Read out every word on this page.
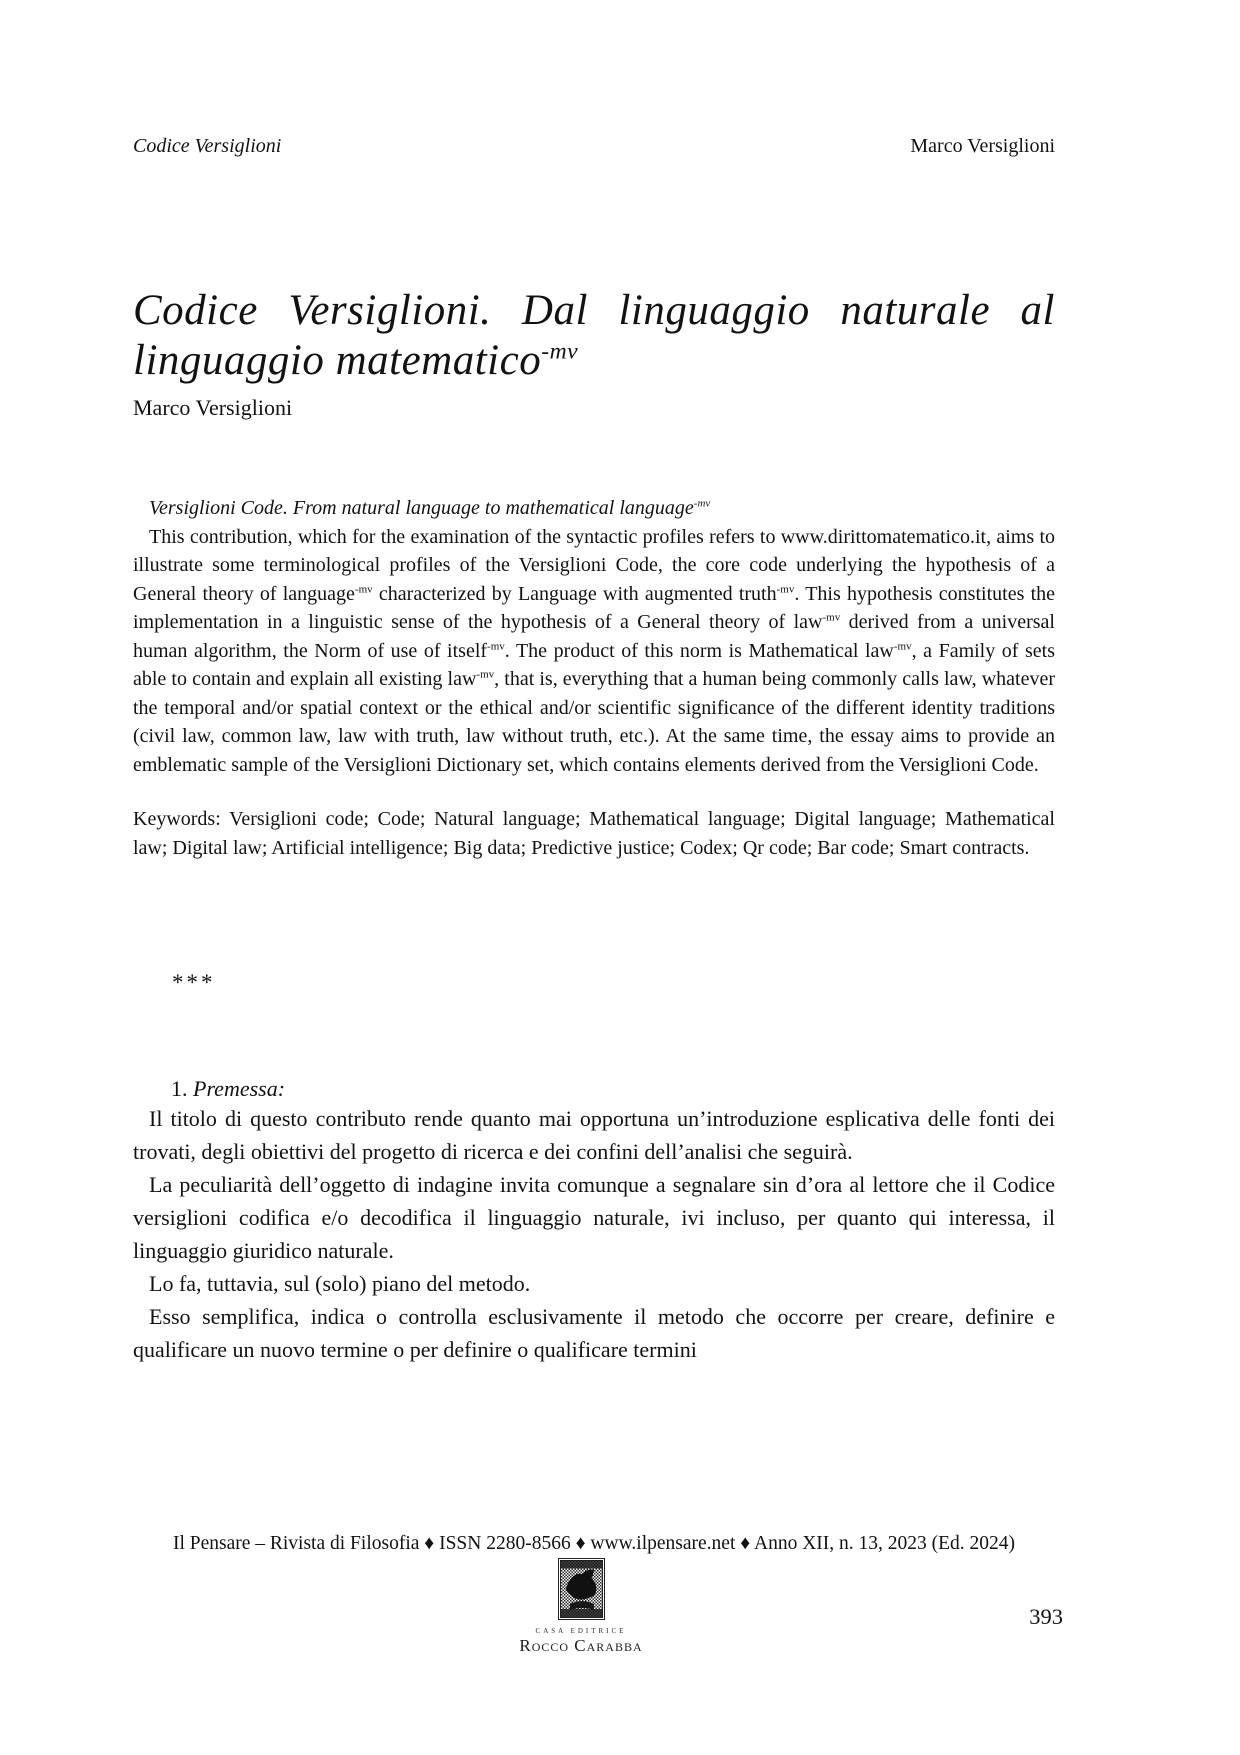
Codice Versiglioni	Marco Versiglioni
Codice Versiglioni. Dal linguaggio naturale al
linguaggio matematico$^{-mv}$
Marco Versiglioni

Versiglioni Code. From natural language to mathematical language$^{-mv}$

This contribution, which for the examination of the syntactic profiles refers to www.dirittomatematico.it, aims to illustrate some terminological profiles of the Versiglioni Code, the core code underlying the hypothesis of a General theory of language$^{-mv}$ characterized by Language with augmented truth$^{-mv}$. This hypothesis constitutes the implementation in a linguistic sense of the hypothesis of a General theory of law$^{-mv}$ derived from a universal human algorithm, the Norm of use of itself$^{-mv}$. The product of this norm is Mathematical law$^{-mv}$, a Family of sets able to contain and explain all existing law$^{-mv}$, that is, everything that a human being commonly calls law, whatever the temporal and/or spatial context or the ethical and/or scientific significance of the different identity traditions (civil law, common law, law with truth, law without truth, etc.). At the same time, the essay aims to provide an emblematic sample of the Versiglioni Dictionary set, which contains elements derived from the Versiglioni Code.

Keywords: Versiglioni code; Code; Natural language; Mathematical language; Digital language; Mathematical law; Digital law; Artificial intelligence; Big data; Predictive justice; Codex; Qr code; Bar code; Smart contracts.

***
1. Premessa:

Il titolo di questo contributo rende quanto mai opportuna un’introduzione esplicativa delle fonti dei trovati, degli obiettivi del progetto di ricerca e dei confini dell’analisi che seguirà.

La peculiarità dell’oggetto di indagine invita comunque a segnalare sin d’ora al lettore che il Codice versiglioni codifica e/o decodifica il linguaggio naturale, ivi incluso, per quanto qui interessa, il linguaggio giuridico naturale.

Lo fa, tuttavia, sul (solo) piano del metodo.

Esso semplifica, indica o controlla esclusivamente il metodo che occorre per creare, definire e qualificare un nuovo termine o per definire o qualificare termini

Il Pensare – Rivista di Filosofia ♦ ISSN 2280-8566 ♦ www.ilpensare.net ♦ Anno XII, n. 13, 2023 (Ed. 2024)
CASA EDITRICE
Rocco Carabba
393
